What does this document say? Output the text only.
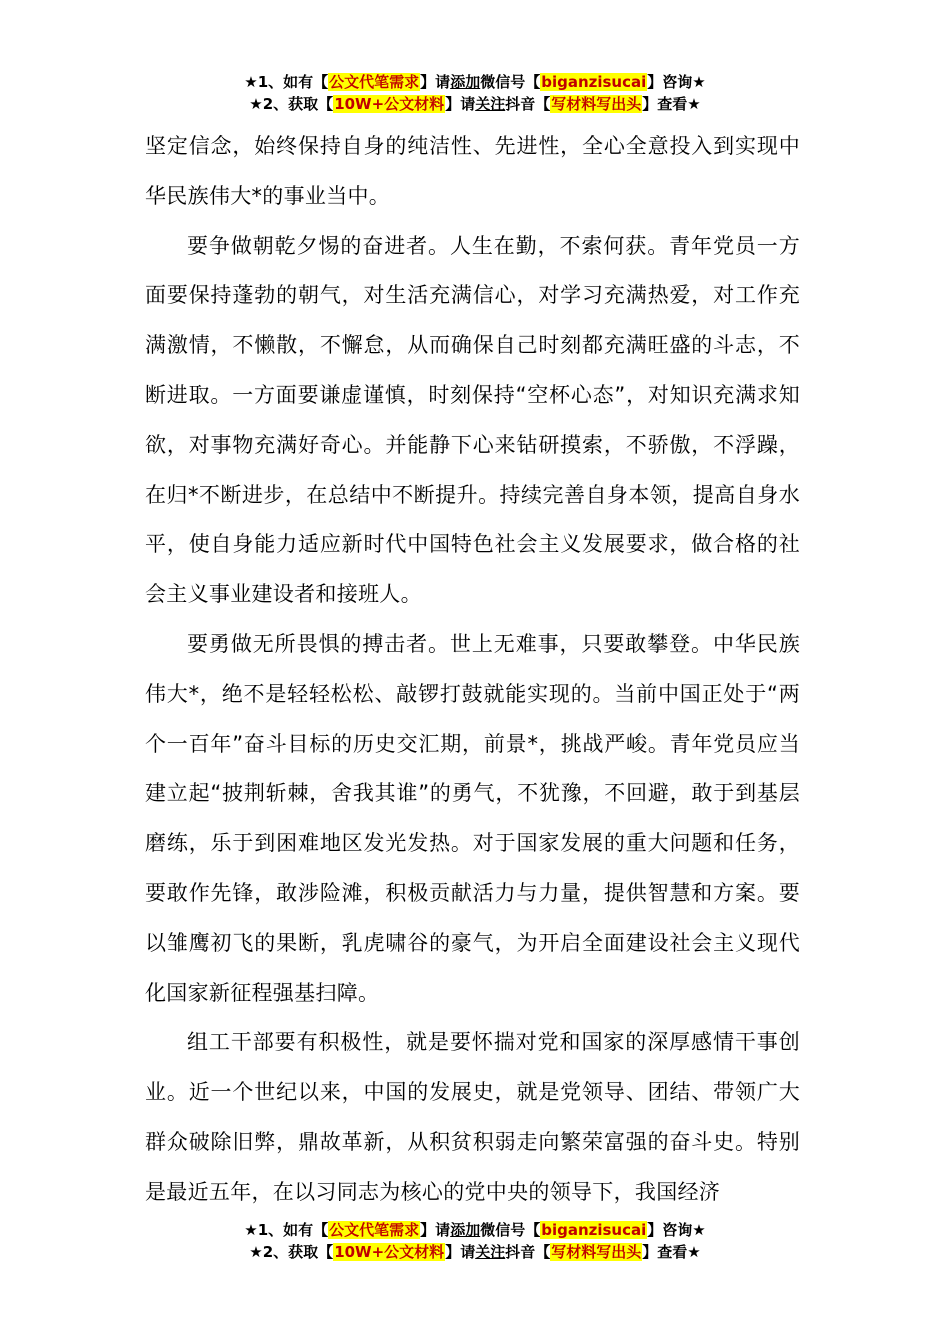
★1、如有【公文代笔需求】请添加微信号【biganzisucai】咨询★
★2、获取【10W+公文材料】请关注抖音【写材料写出头】查看★

坚定信念，始终保持自身的纯洁性、先进性，全心全意投入到实现中华民族伟大*的事业当中。

要争做朝乾夕惕的奋进者。人生在勤，不索何获。青年党员一方面要保持蓬勃的朝气，对生活充满信心，对学习充满热爱，对工作充满激情，不懒散，不懈怠，从而确保自己时刻都充满旺盛的斗志，不断进取。一方面要谦虚谨慎，时刻保持“空杯心态”，对知识充满求知欲，对事物充满好奇心。并能静下心来钻研摸索，不骄傲，不浮躁，在归*不断进步，在总结中不断提升。持续完善自身本领，提高自身水平，使自身能力适应新时代中国特色社会主义发展要求，做合格的社会主义事业建设者和接班人。

要勇做无所畏惧的搏击者。世上无难事，只要敢攀登。中华民族伟大*，绝不是轻轻松松、敲锣打鼓就能实现的。当前中国正处于“两个一百年”奋斗目标的历史交汇期，前景*，挑战严峻。青年党员应当建立起“披荆斩棘，舍我其谁”的勇气，不犹豫，不回避，敢于到基层磨练，乐于到困难地区发光发热。对于国家发展的重大问题和任务，要敢作先锋，敢涉险滩，积极贡献活力与力量，提供智慧和方案。要以雏鹰初飞的果断，乳虎啸谷的豪气，为开启全面建设社会主义现代化国家新征程强基扫障。

组工干部要有积极性，就是要怀揣对党和国家的深厚感情干事创业。近一个世纪以来，中国的发展史，就是党领导、团结、带领广大群众破除旧弊，鼎故革新，从积贫积弱走向繁荣富强的奋斗史。特别是最近五年，在以习同志为核心的党中央的领导下，我国经济

★1、如有【公文代笔需求】请添加微信号【biganzisucai】咨询★
★2、获取【10W+公文材料】请关注抖音【写材料写出头】查看★
